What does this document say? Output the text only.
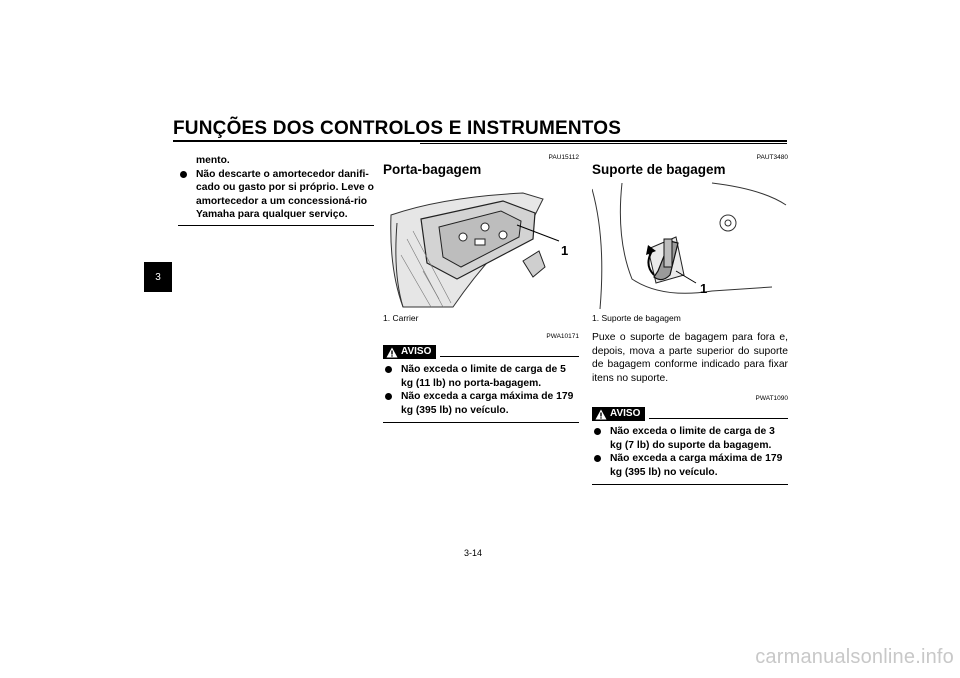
FUNÇÕES DOS CONTROLOS E INSTRUMENTOS
3
mento.
Não descarte o amortecedor danifi-cado ou gasto por si próprio. Leve o amortecedor a um concessioná-rio Yamaha para qualquer serviço.
PAU15112
Porta-bagagem
1
1. Carrier
PWA10171
AVISO
Não exceda o limite de carga de 5 kg (11 lb) no porta-bagagem.
Não exceda a carga máxima de 179 kg (395 lb) no veículo.
PAUT3480
Suporte de bagagem
1
1. Suporte de bagagem
Puxe o suporte de bagagem para fora e, depois, mova a parte superior do suporte de bagagem conforme indicado para fixar itens no suporte.
PWAT1090
AVISO
Não exceda o limite de carga de 3 kg (7 lb) do suporte da bagagem.
Não exceda a carga máxima de 179 kg (395 lb) no veículo.
3-14
carmanualsonline.info
